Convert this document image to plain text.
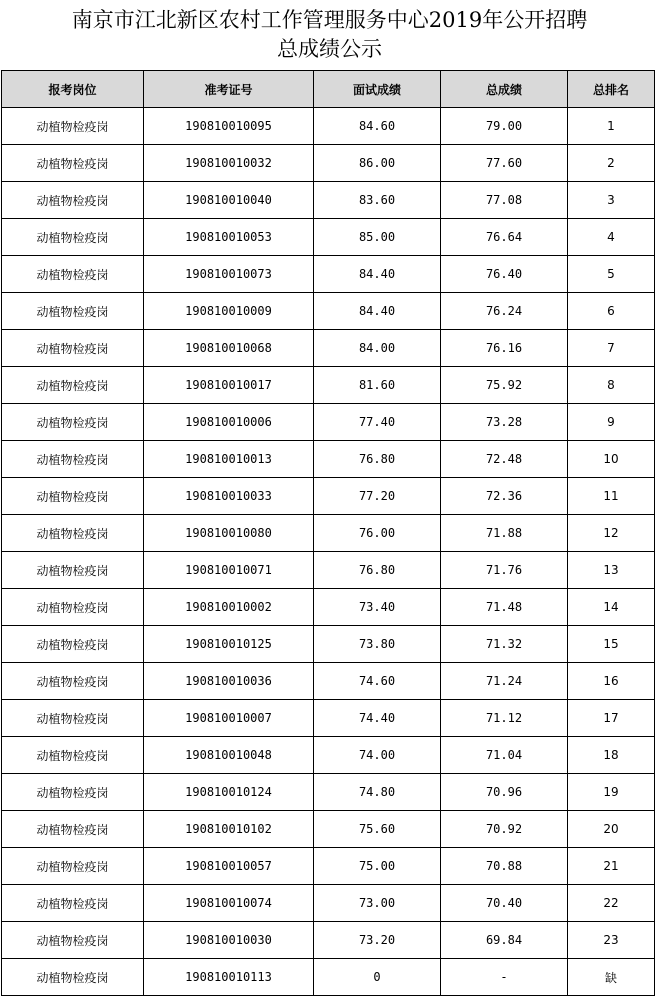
南京市江北新区农村工作管理服务中心2019年公开招聘
总成绩公示
报考岗位	准考证号	面试成绩	总成绩	总排名
动植物检疫岗	190810010095	84.60	79.00	1
动植物检疫岗	190810010032	86.00	77.60	2
动植物检疫岗	190810010040	83.60	77.08	3
动植物检疫岗	190810010053	85.00	76.64	4
动植物检疫岗	190810010073	84.40	76.40	5
动植物检疫岗	190810010009	84.40	76.24	6
动植物检疫岗	190810010068	84.00	76.16	7
动植物检疫岗	190810010017	81.60	75.92	8
动植物检疫岗	190810010006	77.40	73.28	9
动植物检疫岗	190810010013	76.80	72.48	10
动植物检疫岗	190810010033	77.20	72.36	11
动植物检疫岗	190810010080	76.00	71.88	12
动植物检疫岗	190810010071	76.80	71.76	13
动植物检疫岗	190810010002	73.40	71.48	14
动植物检疫岗	190810010125	73.80	71.32	15
动植物检疫岗	190810010036	74.60	71.24	16
动植物检疫岗	190810010007	74.40	71.12	17
动植物检疫岗	190810010048	74.00	71.04	18
动植物检疫岗	190810010124	74.80	70.96	19
动植物检疫岗	190810010102	75.60	70.92	20
动植物检疫岗	190810010057	75.00	70.88	21
动植物检疫岗	190810010074	73.00	70.40	22
动植物检疫岗	190810010030	73.20	69.84	23
动植物检疫岗	190810010113	0	-	缺
